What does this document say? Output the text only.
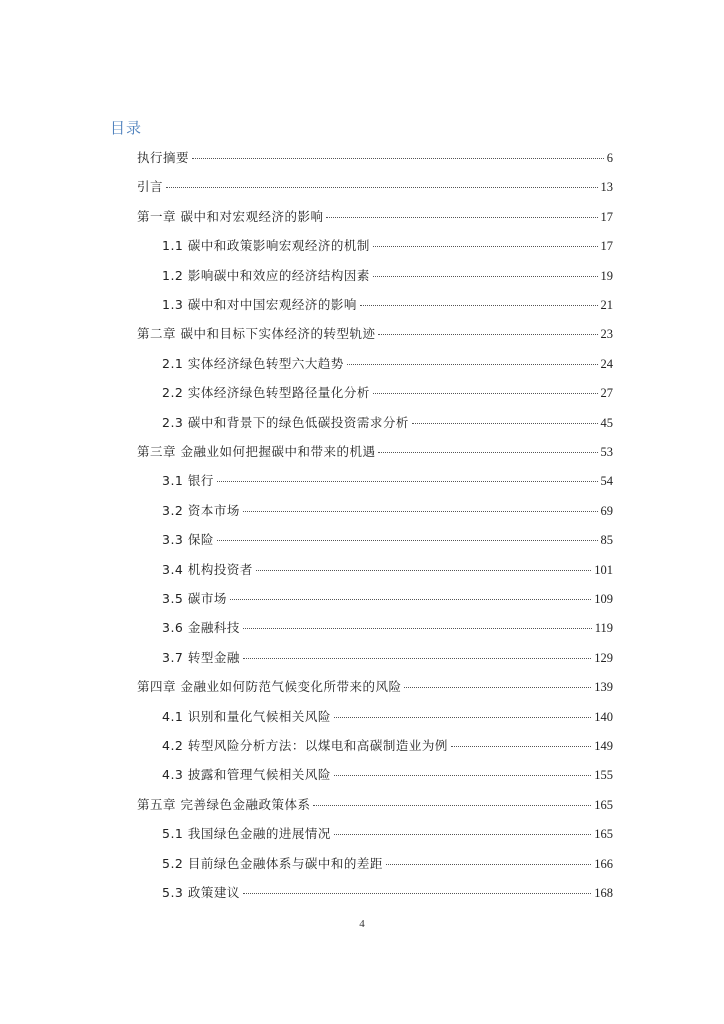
目录
执行摘要	6
引言	13
第一章 碳中和对宏观经济的影响	17
1.1 碳中和政策影响宏观经济的机制	17
1.2 影响碳中和效应的经济结构因素	19
1.3 碳中和对中国宏观经济的影响	21
第二章 碳中和目标下实体经济的转型轨迹	23
2.1 实体经济绿色转型六大趋势	24
2.2 实体经济绿色转型路径量化分析	27
2.3 碳中和背景下的绿色低碳投资需求分析	45
第三章 金融业如何把握碳中和带来的机遇	53
3.1 银行	54
3.2 资本市场	69
3.3 保险	85
3.4 机构投资者	101
3.5 碳市场	109
3.6 金融科技	119
3.7 转型金融	129
第四章 金融业如何防范气候变化所带来的风险	139
4.1 识别和量化气候相关风险	140
4.2 转型风险分析方法：以煤电和高碳制造业为例	149
4.3 披露和管理气候相关风险	155
第五章 完善绿色金融政策体系	165
5.1 我国绿色金融的进展情况	165
5.2 目前绿色金融体系与碳中和的差距	166
5.3 政策建议	168
4
